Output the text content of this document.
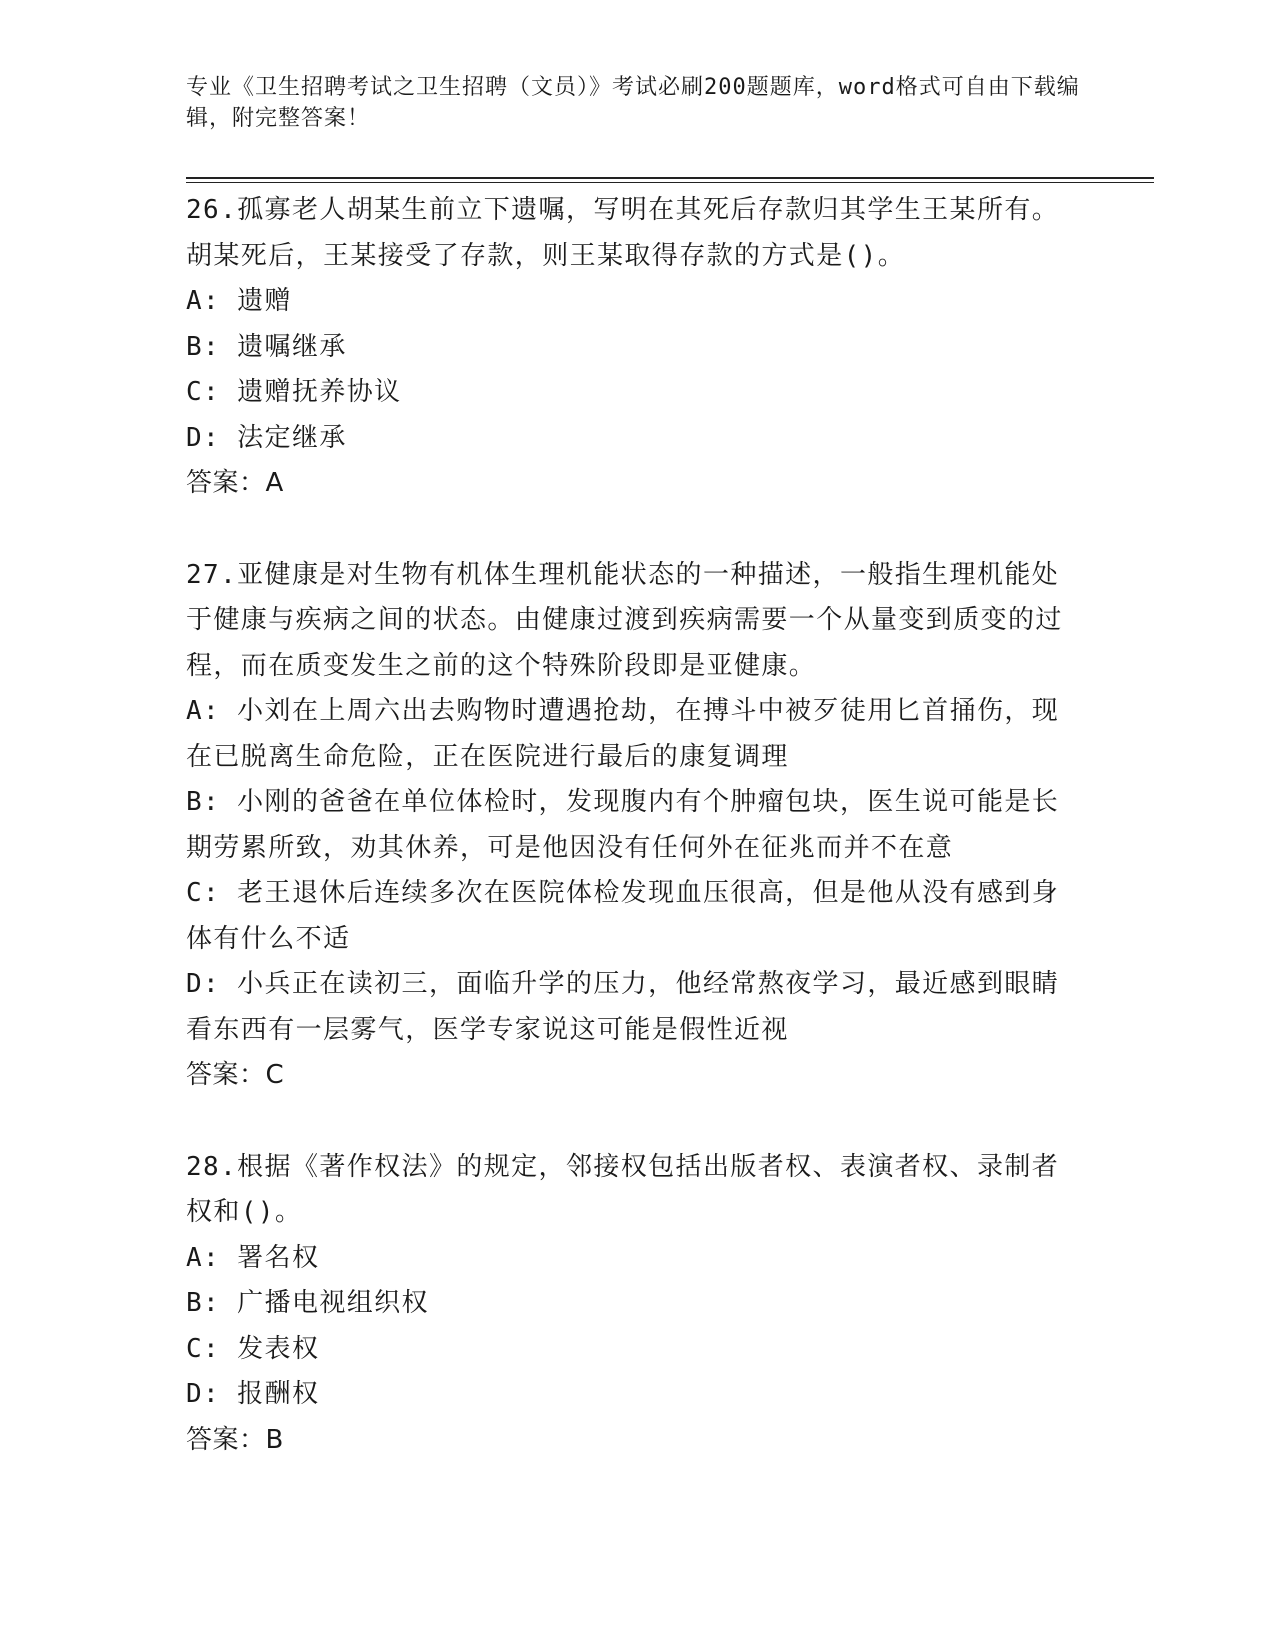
专业《卫生招聘考试之卫生招聘（文员）》考试必刷200题题库，word格式可自由下载编辑，附完整答案！

26.孤寡老人胡某生前立下遗嘱，写明在其死后存款归其学生王某所有。胡某死后，王某接受了存款，则王某取得存款的方式是()。

A: 遗赠

B: 遗嘱继承

C: 遗赠抚养协议

D: 法定继承

答案：A

27.亚健康是对生物有机体生理机能状态的一种描述，一般指生理机能处于健康与疾病之间的状态。由健康过渡到疾病需要一个从量变到质变的过程，而在质变发生之前的这个特殊阶段即是亚健康。

A: 小刘在上周六出去购物时遭遇抢劫，在搏斗中被歹徒用匕首捅伤，现在已脱离生命危险，正在医院进行最后的康复调理

B: 小刚的爸爸在单位体检时，发现腹内有个肿瘤包块，医生说可能是长期劳累所致，劝其休养，可是他因没有任何外在征兆而并不在意

C: 老王退休后连续多次在医院体检发现血压很高，但是他从没有感到身体有什么不适

D: 小兵正在读初三，面临升学的压力，他经常熬夜学习，最近感到眼睛看东西有一层雾气，医学专家说这可能是假性近视

答案：C

28.根据《著作权法》的规定，邻接权包括出版者权、表演者权、录制者权和()。

A: 署名权

B: 广播电视组织权

C: 发表权

D: 报酬权

答案：B
